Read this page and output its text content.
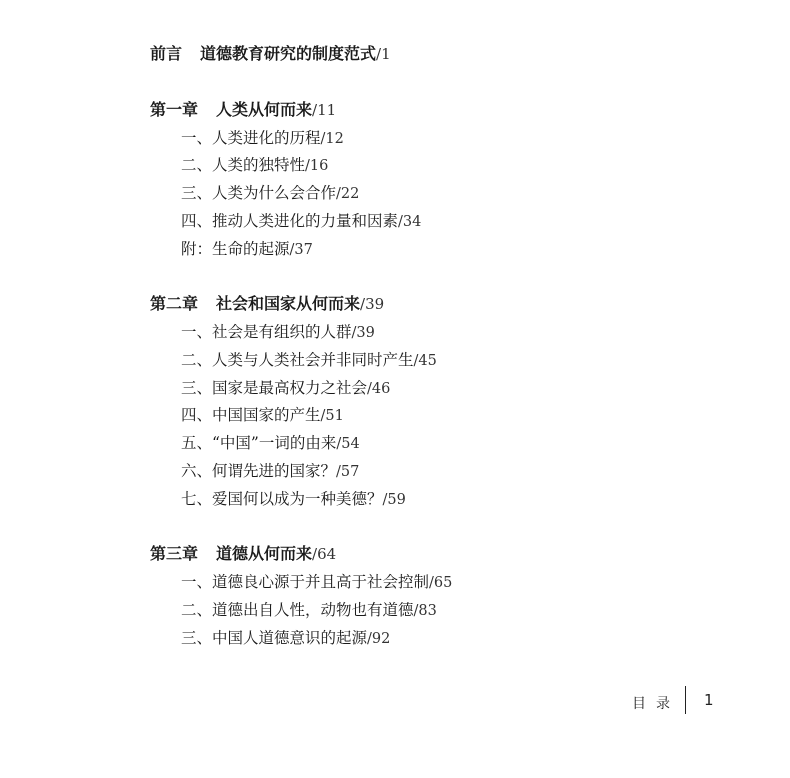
前言 道德教育研究的制度范式/1
第一章 人类从何而来/11
一、人类进化的历程/12
二、人类的独特性/16
三、人类为什么会合作/22
四、推动人类进化的力量和因素/34
附：生命的起源/37
第二章 社会和国家从何而来/39
一、社会是有组织的人群/39
二、人类与人类社会并非同时产生/45
三、国家是最高权力之社会/46
四、中国国家的产生/51
五、“中国”一词的由来/54
六、何谓先进的国家？/57
七、爱国何以成为一种美德？/59
第三章 道德从何而来/64
一、道德良心源于并且高于社会控制/65
二、道德出自人性，动物也有道德/83
三、中国人道德意识的起源/92
目录 1
